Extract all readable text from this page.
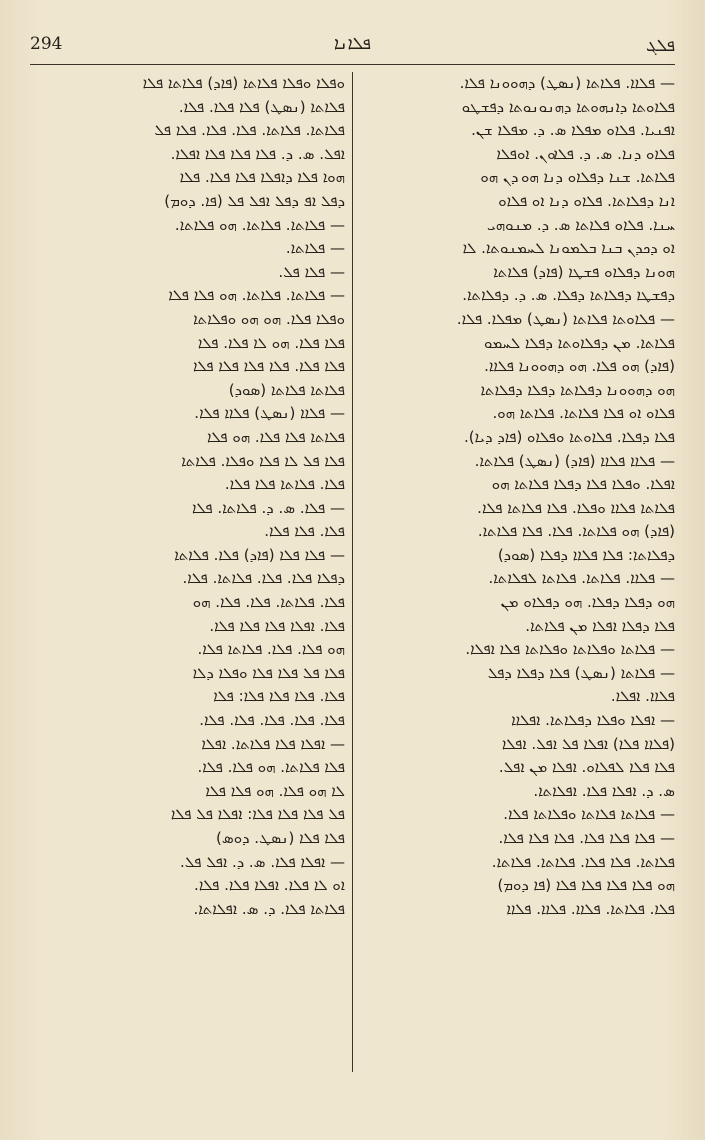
294	ܦܠܐܢܐ	ܦܠܓ
— ܦܠܐܐ. ܦܠܐܬܐ (ܢܣܛ) ܕܗܘܘܢܐ ܦܠܐ.
ܦܠܐܘܬܐ ܕܐܢܗܘܬܐ ܕܗܢܘܢܘܬܐ ܕܦܫܛܘ
ܐܦܢܝܐ. ܦܠܐܘ ܡܦܠܐ ܣ. ܕ. ܡܦܠܐ ܫܢ.
ܦܠܐܘ ܕܢܐ. ܣ. ܕ. ܦܠܐܘܢ. ܐܘܦܠܐ
ܦܠܐܬܐ. ܫܢܐ ܕܦܠܐܘ ܕܢܐ ܗܘ ܕܢ ܗܘ
ܐܢܐ ܕܦܠܐܬܐ. ܦܠܐܘ ܕܢܐ ܐܘ ܦܠܐܘ
ܚܢܐ. ܦܠܐܘ ܦܠܐܬܐ ܣ. ܕ. ܡܢܘܗܝ
ܐܘ ܕܟܕܢ ܒܢܐ ܒܠܡܘܢܐ ܠܚܡܢܘܬܐ. ܠܐ
ܗܘܢܐ ܕܦܠܐܘ ܦܫܛܐ (ܦܐܕ) ܦܠܐܬܐ
ܕܦܫܛܐ ܕܦܠܐܬܐ ܕܦܠܐ. ܣ. ܕ. ܕܦܠܐܬܐ.
— ܦܠܐܘܬܐ ܦܠܐܬܐ (ܢܣܛ) ܡܦܠܐ. ܦܠܐ.
ܦܠܐܬܐ. ܡܢ ܕܦܠܐܘܬܐ ܕܦܠܐ ܠܚܡܘ
(ܦܐܕ) ܗܘ ܦܠܐ. ܗܘ ܕܗܘܘܢܐ ܦܠܐܐ.
ܗܘ ܕܗܘܘܢܐ ܕܦܠܐܬܐ ܕܦܠܐ ܕܦܠܐܬܐ
ܦܠܐܘ ܐܘ ܦܠܐ ܦܠܐܬܐ. ܦܠܐܬܐ ܗܘ.
ܦܠܐ ܕܦܠܐ. ܦܠܐܘܬܐ ܘܦܠܐܘ (ܦܐܕ ܕܝܐ).
— ܦܠܐܐ ܦܠܐܐ (ܦܐܕ) (ܢܣܛ) ܦܠܐܬܐ.
ܐܦܠܐ. ܘܦܠܐ ܦܠܐ ܕܦܠܐ ܦܠܐܬܐ ܗܘ
ܦܠܐܬܐ ܦܠܐܐ ܘܦܠܐ. ܦܠܐ ܦܠܐܬܐ ܦܠܐ.
(ܦܐܕ) ܗܘ ܦܠܐܬܐ. ܦܠܐ. ܦܠܐ ܦܠܐܬܐ.
ܕܦܠܐܬܐ: ܦܠܐ ܦܠܐܐ ܕܦܠܐ (ܣܘܕ)
— ܦܠܐܐ. ܦܠܐܬܐ. ܦܠܐܬܐ ܠܦܠܐܬܐ.
ܗܘ ܕܦܠܐ ܕܦܠܐ. ܗܘ ܕܦܠܐܘ ܡܢ
ܦܠܐ ܕܦܠܐ ܐܦܠܐ ܡܢ ܦܠܐܬܐ.
— ܦܠܐܬܐ ܘܦܠܐܬܐ ܘܦܠܐܬܐ ܦܠܐ ܐܦܠܐ.
— ܦܠܐܬܐ (ܢܣܛ) ܦܠܐ ܕܦܠܐ ܕܦܠ
ܦܠܐܐ. ܐܦܠܐ.
— ܐܦܠܐ ܘܦܠܐ ܕܦܠܐܬܐ. ܐܦܠܐܐ
(ܦܠܐܐ ܦܠܐ) ܐܦܠܐ ܦܠ ܐܦܠ. ܐܦܠܐ
ܦܠܐ ܦܠܐ ܠܦܠܐܘ. ܐܦܠܐ ܡܢ ܐܦܠ.
ܣ. ܕ. ܐܦܠܐ ܦܠܐ. ܐܦܠܐܬܐ.
— ܦܠܐܬܐ ܦܠܐܬܐ ܘܦܠܐܬܐ ܦܠܐ.
— ܦܠܐ ܦܠܐ ܦܠܐ. ܦܠܐ ܦܠܐ ܦܠܐ.
ܦܠܐܬܐ. ܦܠܐ ܦܠܐ. ܦܠܐܬܐ. ܦܠܐܬܐ.
ܗܘ ܦܠܐ ܦܠܐ ܦܠܐ ܦܠܐ (ܦܐ ܕܘܡ)
ܦܠܐ. ܦܠܐܬܐ. ܦܠܐܐ. ܦܠܐܐ. ܦܠܐܐ
ܘܦܠܐ ܘܦܠܐ ܦܠܐܬܐ (ܦܐܕ) ܦܠܐܬܐ ܦܠܐ
ܦܠܐܬܐ (ܢܣܛ) ܦܠܐ ܦܠܐ. ܦܠܐ.
ܦܠܐܬܐ. ܦܠܐܬܐ. ܦܠܐ. ܦܠܐ. ܦܠܐ ܦܠ
ܐܦܠ. ܣ. ܕ. ܦܠܐ ܦܠܐ ܦܠܐ ܐܦܠܐ.
ܗܘܐ ܦܠܐ ܕܐܦܠܐ ܦܠܐ ܦܠܐ. ܦܠܐ
ܕܦܠ ܐܦ ܕܦܠ ܐܦܠ ܦܠ (ܦܐ. ܕܘܡ)
— ܦܠܐܬܐ. ܦܠܐܬܐ. ܗܘ ܦܠܐܬܐ.
— ܦܠܐܬܐ.
— ܦܠܐ ܦܠ.
— ܦܠܐܬܐ. ܦܠܐܬܐ. ܗܘ ܦܠܐ ܦܠܐ
ܘܦܠܐ ܦܠܐ. ܗܘ ܗܘ ܘܦܠܐܬܐ
ܦܠܐ ܦܠܐ. ܗܘ ܠܐ ܦܠܐ. ܦܠܐ
ܦܠܐ ܦܠܐ. ܦܠܐ ܦܠܐ ܦܠܐ ܦܠܐ
ܦܠܐܬܐ ܦܠܐܬܐ (ܣܘܕ)
— ܦܠܐܐ (ܢܣܛ) ܦܠܐܐ ܦܠܐ.
ܦܠܐܬܐ ܦܠܐ ܦܠܐ. ܗܘ ܦܠܐ
ܦܠܐ ܦܠ ܠܐ ܦܠܐ ܘܦܠܐ. ܦܠܐܬܐ
ܦܠܐ. ܦܠܐܬܐ ܦܠܐ ܦܠܐ.
— ܦܠܐ. ܣ. ܕ. ܦܠܐܬܐ. ܦܠܐ
ܦܠܐ. ܦܠܐ ܦܠܐ.
— ܦܠܐ ܦܠܐ (ܦܐܕ) ܦܠܐ. ܦܠܐܬܐ
ܕܦܠܐ ܦܠܐ. ܦܠܐ. ܦܠܐܬܐ. ܦܠܐ.
ܦܠܐ. ܦܠܐܬܐ. ܦܠܐ. ܦܠܐ. ܗܘ
ܦܠܐ. ܐܦܠܐ ܦܠܐ ܦܠܐ ܦܠܐ.
ܗܘ ܦܠܐ. ܦܠܐ. ܦܠܐܬܐ ܦܠܐ.
ܦܠܐ ܦܠ ܦܠܐ ܦܠܐ ܘܦܠܐ ܕܠܐ
ܦܠܐ. ܦܠܐ ܦܠܐ ܦܠܐ: ܦܠܐ
ܦܠܐ. ܦܠܐ. ܦܠܐ. ܦܠܐ. ܦܠܐ.
— ܐܦܠܐ ܦܠܐ ܦܠܐܬܐ. ܐܦܠܐ
ܦܠܐ ܦܠܐܬܐ. ܗܘ ܦܠܐ. ܦܠܐ.
ܠܐ ܗܘ ܦܠܐ. ܗܘ ܦܠܐ ܦܠܐ
ܦܠ ܦܠܐ ܦܠܐ ܦܠܐ: ܐܦܠܐ ܦܠ ܦܠܐ
ܦܠܐ ܦܠܐ (ܢܣܛ. ܕܘܣ)
— ܐܦܠܐ ܦܠܐ. ܣ. ܕ. ܐܦܠ ܦܠ.
ܐܘ ܠܐ ܦܠܐ. ܐܦܠܐ ܦܠܐ. ܦܠܐ.
ܦܠܐܬܐ ܦܠܐ. ܕ. ܣ. ܐܦܠܐܬܐ.
